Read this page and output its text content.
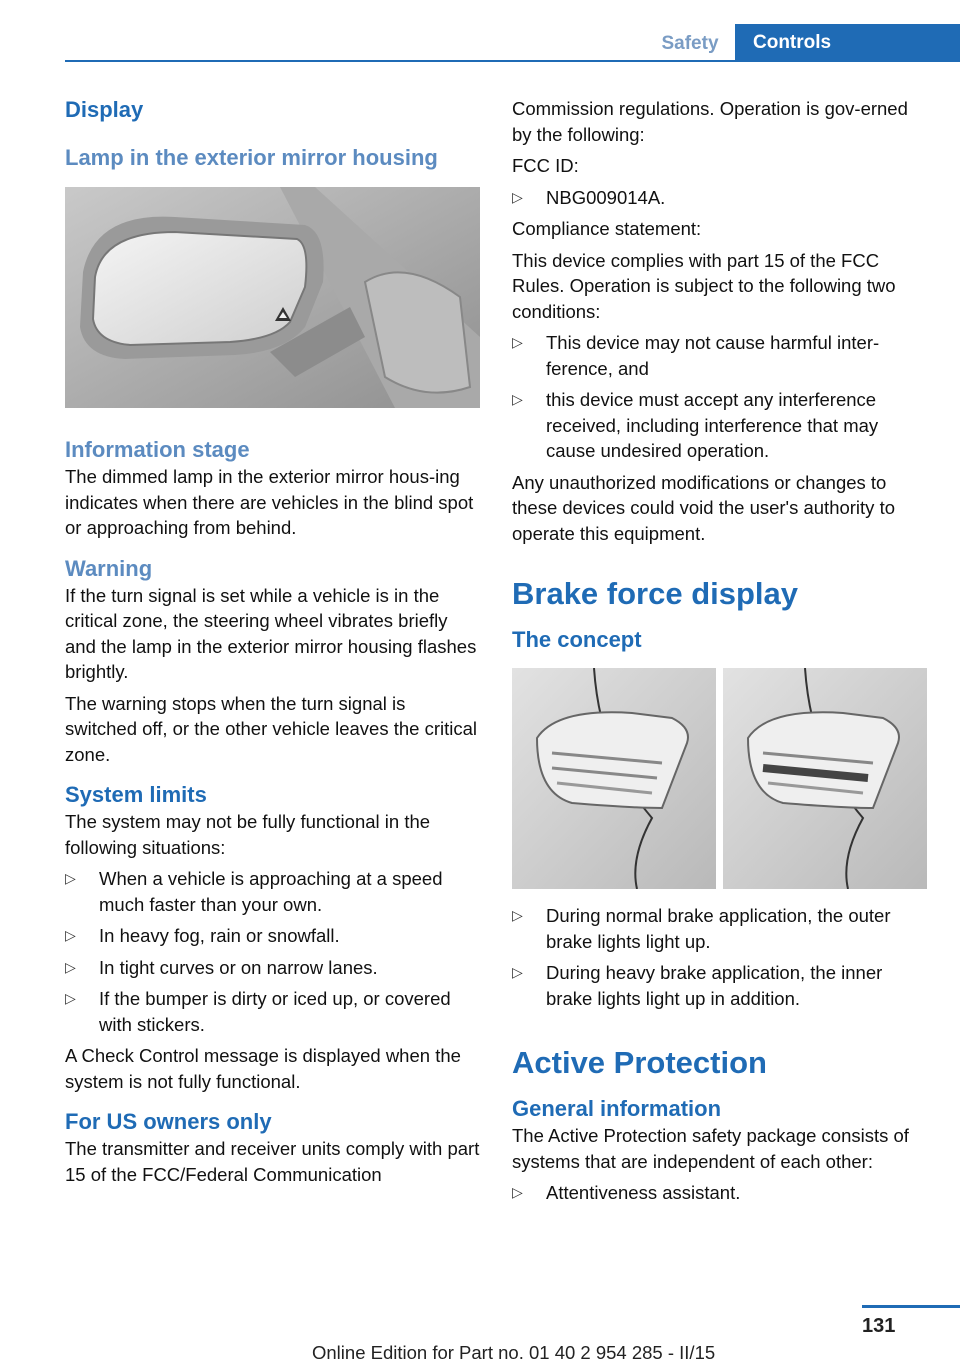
Safety	Controls
Display
Lamp in the exterior mirror housing
Information stage

The dimmed lamp in the exterior mirror hous‐ing indicates when there are vehicles in the blind spot or approaching from behind.

Warning

If the turn signal is set while a vehicle is in the critical zone, the steering wheel vibrates briefly and the lamp in the exterior mirror housing flashes brightly.

The warning stops when the turn signal is switched off, or the other vehicle leaves the critical zone.

System limits

The system may not be fully functional in the following situations:

▷ When a vehicle is approaching at a speed much faster than your own.
▷ In heavy fog, rain or snowfall.
▷ In tight curves or on narrow lanes.
▷ If the bumper is dirty or iced up, or covered with stickers.

A Check Control message is displayed when the system is not fully functional.

For US owners only

The transmitter and receiver units comply with part 15 of the FCC/Federal Communication

Commission regulations. Operation is gov‐erned by the following:

FCC ID:

▷ NBG009014A.

Compliance statement:

This device complies with part 15 of the FCC Rules. Operation is subject to the following two conditions:

▷ This device may not cause harmful inter‐ference, and
▷ this device must accept any interference received, including interference that may cause undesired operation.

Any unauthorized modifications or changes to these devices could void the user's authority to operate this equipment.

Brake force display
The concept
▷ During normal brake application, the outer brake lights light up.
▷ During heavy brake application, the inner brake lights light up in addition.
Active Protection
General information

The Active Protection safety package consists of systems that are independent of each other:

▷ Attentiveness assistant.
131
Online Edition for Part no. 01 40 2 954 285 - II/15
